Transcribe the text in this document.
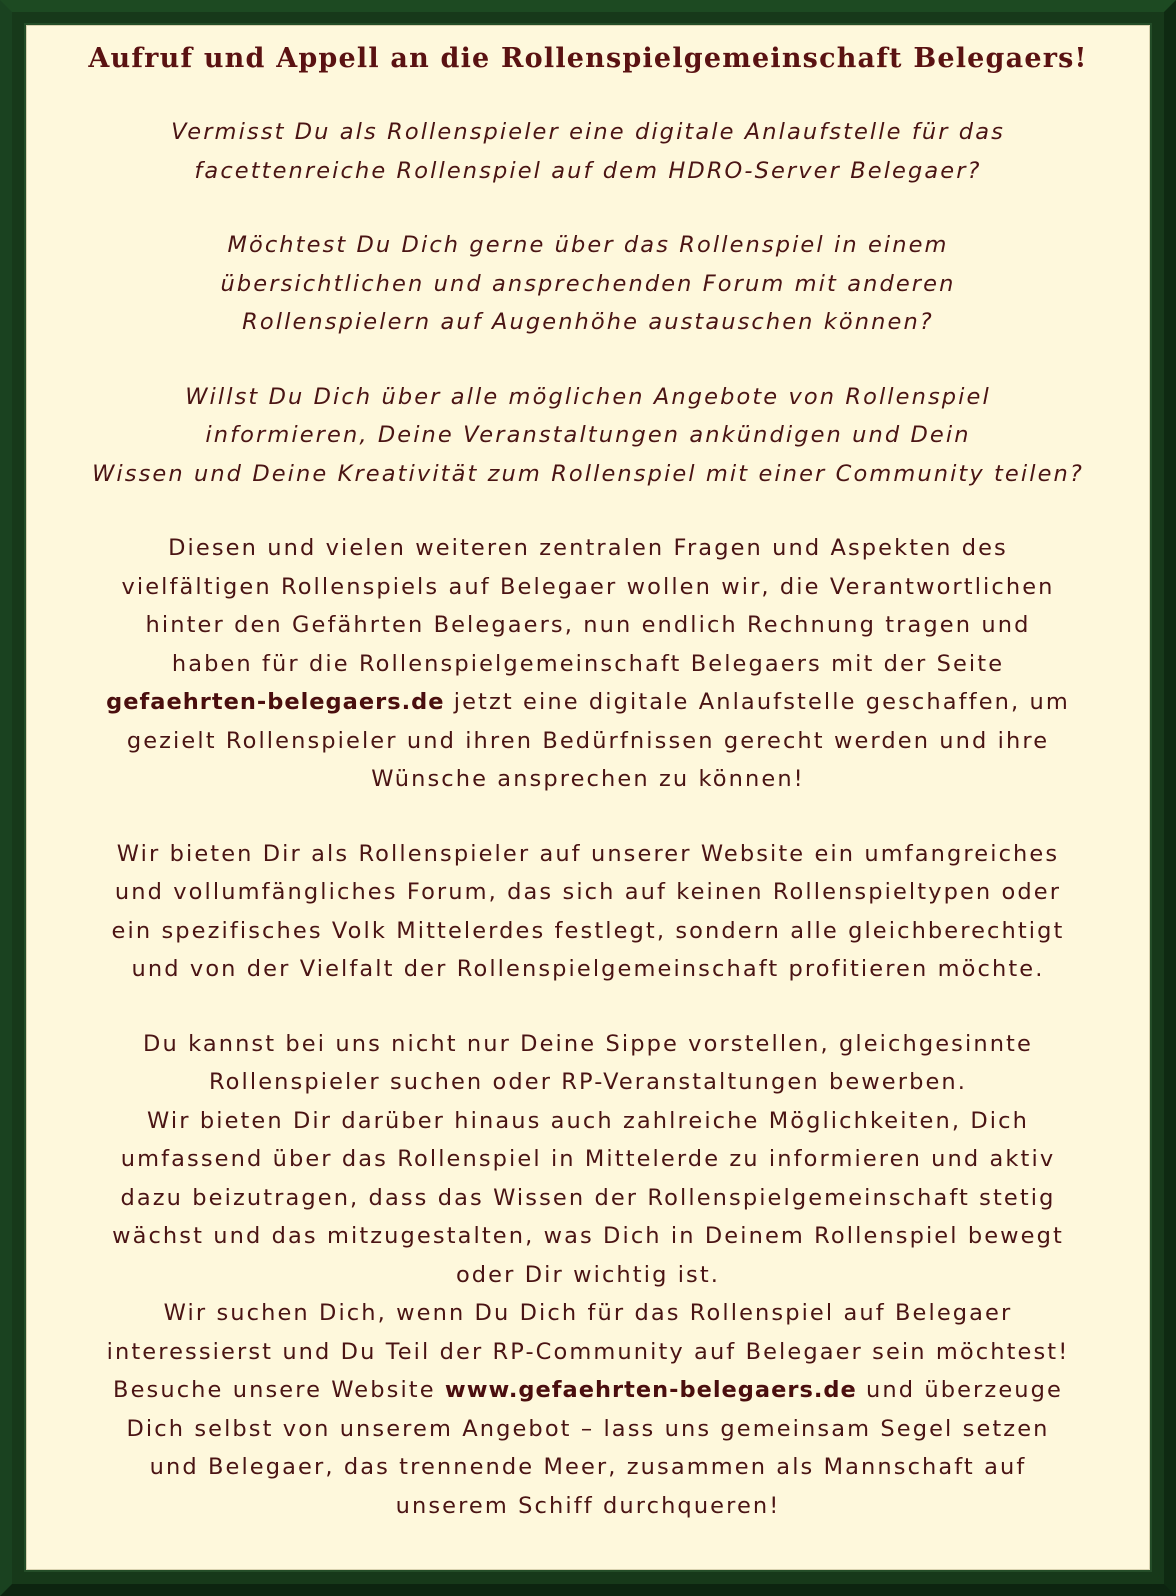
Aufruf und Appell an die Rollenspielgemeinschaft Belegaers!
Vermisst Du als Rollenspieler eine digitale Anlaufstelle für das
facettenreiche Rollenspiel auf dem HDRO-Server Belegaer?
Möchtest Du Dich gerne über das Rollenspiel in einem
übersichtlichen und ansprechenden Forum mit anderen
Rollenspielern auf Augenhöhe austauschen können?
Willst Du Dich über alle möglichen Angebote von Rollenspiel
informieren, Deine Veranstaltungen ankündigen und Dein
Wissen und Deine Kreativität zum Rollenspiel mit einer Community teilen?
Diesen und vielen weiteren zentralen Fragen und Aspekten des
vielfältigen Rollenspiels auf Belegaer wollen wir, die Verantwortlichen
hinter den Gefährten Belegaers, nun endlich Rechnung tragen und
haben für die Rollenspielgemeinschaft Belegaers mit der Seite
gefaehrten-belegaers.de jetzt eine digitale Anlaufstelle geschaffen, um
gezielt Rollenspieler und ihren Bedürfnissen gerecht werden und ihre
Wünsche ansprechen zu können!
Wir bieten Dir als Rollenspieler auf unserer Website ein umfangreiches
und vollumfängliches Forum, das sich auf keinen Rollenspieltypen oder
ein spezifisches Volk Mittelerdes festlegt, sondern alle gleichberechtigt
und von der Vielfalt der Rollenspielgemeinschaft profitieren möchte.
Du kannst bei uns nicht nur Deine Sippe vorstellen, gleichgesinnte
Rollenspieler suchen oder RP-Veranstaltungen bewerben.
Wir bieten Dir darüber hinaus auch zahlreiche Möglichkeiten, Dich
umfassend über das Rollenspiel in Mittelerde zu informieren und aktiv
dazu beizutragen, dass das Wissen der Rollenspielgemeinschaft stetig
wächst und das mitzugestalten, was Dich in Deinem Rollenspiel bewegt
oder Dir wichtig ist.
Wir suchen Dich, wenn Du Dich für das Rollenspiel auf Belegaer
interessierst und Du Teil der RP-Community auf Belegaer sein möchtest!
Besuche unsere Website www.gefaehrten-belegaers.de und überzeuge
Dich selbst von unserem Angebot – lass uns gemeinsam Segel setzen
und Belegaer, das trennende Meer, zusammen als Mannschaft auf
unserem Schiff durchqueren!
